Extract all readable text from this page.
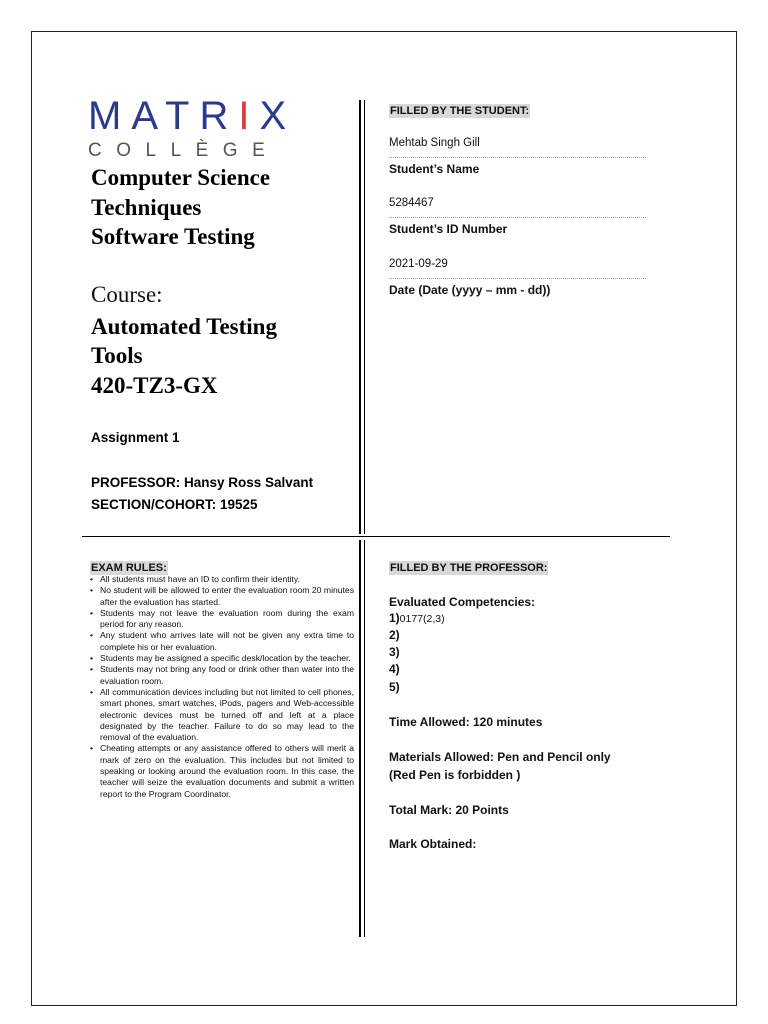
MATRIX
COLLÈGE
Computer Science
Techniques
Software Testing
Course:
Automated Testing
Tools
420-TZ3-GX
Assignment 1
PROFESSOR: Hansy Ross Salvant
SECTION/COHORT: 19525
FILLED BY THE STUDENT:
Mehtab Singh Gill
Student’s Name
5284467
Student’s ID Number
2021-09-29
Date (Date (yyyy – mm - dd))
EXAM RULES:
• All students must have an ID to confirm their identity.
• No student will be allowed to enter the evaluation room 20 minutes after the evaluation has started.
• Students may not leave the evaluation room during the exam period for any reason.
• Any student who arrives late will not be given any extra time to complete his or her evaluation.
• Students may be assigned a specific desk/location by the teacher.
• Students may not bring any food or drink other than water into the evaluation room.
• All communication devices including but not limited to cell phones, smart phones, smart watches, iPods, pagers and Web-accessible electronic devices must be turned off and left at a place designated by the teacher. Failure to do so may lead to the removal of the evaluation.
• Cheating attempts or any assistance offered to others will merit a mark of zero on the evaluation. This includes but not limited to speaking or looking around the evaluation room. In this case, the teacher will seize the evaluation documents and submit a written report to the Program Coordinator.
FILLED BY THE PROFESSOR:
Evaluated Competencies:
1)0177(2,3)
2)
3)
4)
5)
Time Allowed: 120 minutes
Materials Allowed: Pen and Pencil only
(Red Pen is forbidden )
Total Mark: 20 Points
Mark Obtained:
